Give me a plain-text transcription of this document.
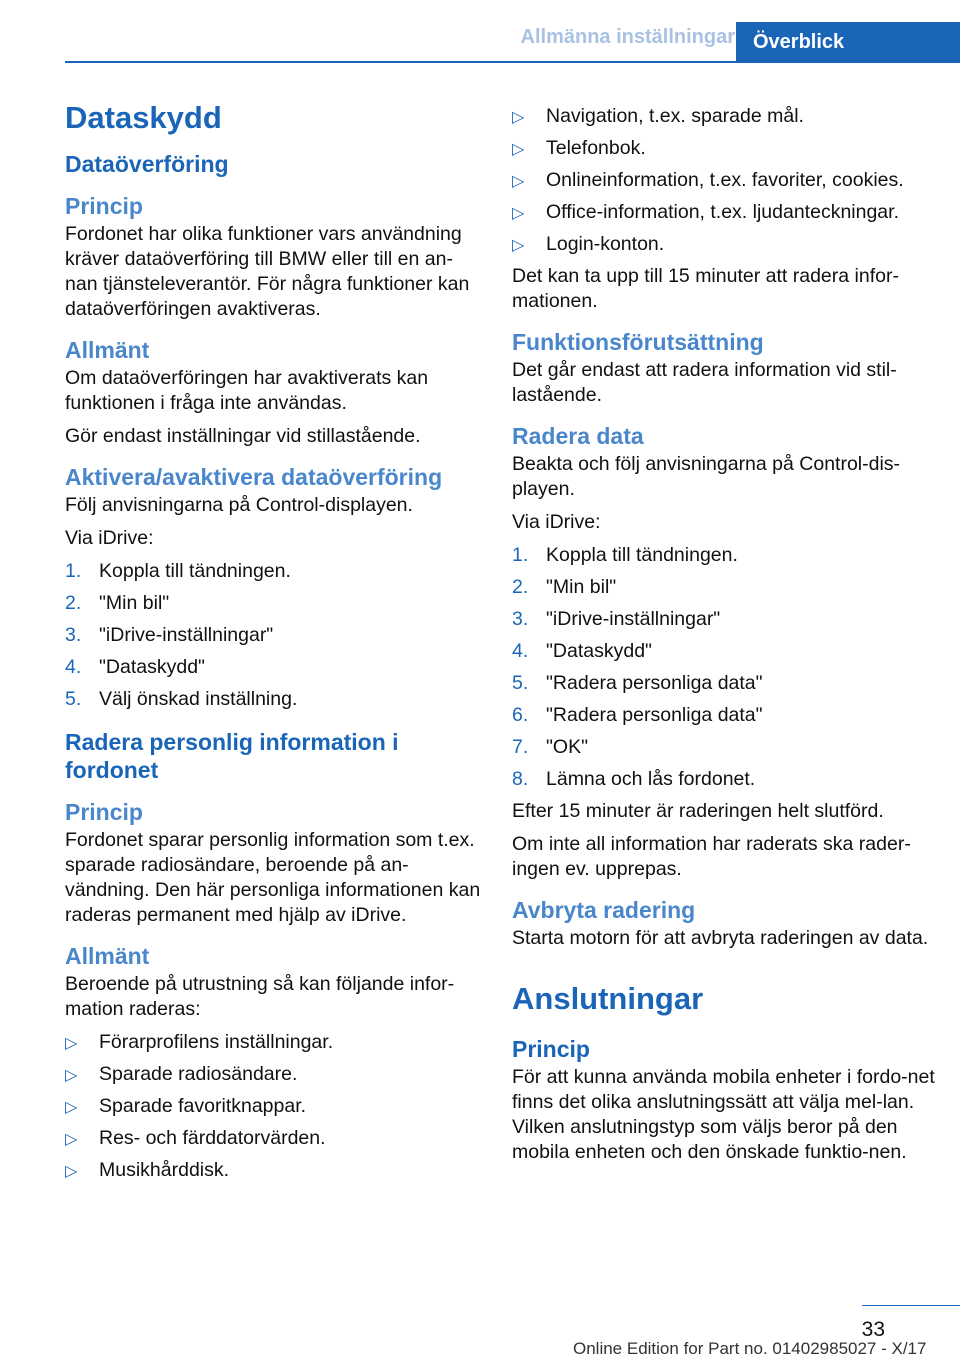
Allmänna inställningar Överblick
Dataskydd
Dataöverföring
Princip

Fordonet har olika funktioner vars användning kräver dataöverföring till BMW eller till en an-nan tjänsteleverantör. För några funktioner kan dataöverföringen avaktiveras.

Allmänt

Om dataöverföringen har avaktiverats kan funktionen i fråga inte användas.

Gör endast inställningar vid stillastående.

Aktivera/avaktivera dataöverföring

Följ anvisningarna på Control-displayen.

Via iDrive:

1. Koppla till tändningen.
2. "Min bil"
3. "iDrive-inställningar"
4. "Dataskydd"
5. Välj önskad inställning.
Radera personlig information i fordonet
Princip

Fordonet sparar personlig information som t.ex. sparade radiosändare, beroende på an-vändning. Den här personliga informationen kan raderas permanent med hjälp av iDrive.

Allmänt

Beroende på utrustning så kan följande infor-mation raderas:

▷ Förarprofilens inställningar.
▷ Sparade radiosändare.
▷ Sparade favoritknappar.
▷ Res- och färddatorvärden.
▷ Musikhårddisk.
▷ Navigation, t.ex. sparade mål.
▷ Telefonbok.
▷ Onlineinformation, t.ex. favoriter, cookies.
▷ Office-information, t.ex. ljudanteckningar.
▷ Login-konton.

Det kan ta upp till 15 minuter att radera infor-mationen.

Funktionsförutsättning

Det går endast att radera information vid stil-lastående.

Radera data

Beakta och följ anvisningarna på Control-dis-playen.

Via iDrive:

1. Koppla till tändningen.
2. "Min bil"
3. "iDrive-inställningar"
4. "Dataskydd"
5. "Radera personliga data"
6. "Radera personliga data"
7. "OK"
8. Lämna och lås fordonet.

Efter 15 minuter är raderingen helt slutförd.

Om inte all information har raderats ska rader-ingen ev. upprepas.

Avbryta radering

Starta motorn för att avbryta raderingen av data.

Anslutningar
Princip

För att kunna använda mobila enheter i fordo-net finns det olika anslutningssätt att välja mel-lan. Vilken anslutningstyp som väljs beror på den mobila enheten och den önskade funktio-nen.

33
Online Edition for Part no. 01402985027 - X/17
